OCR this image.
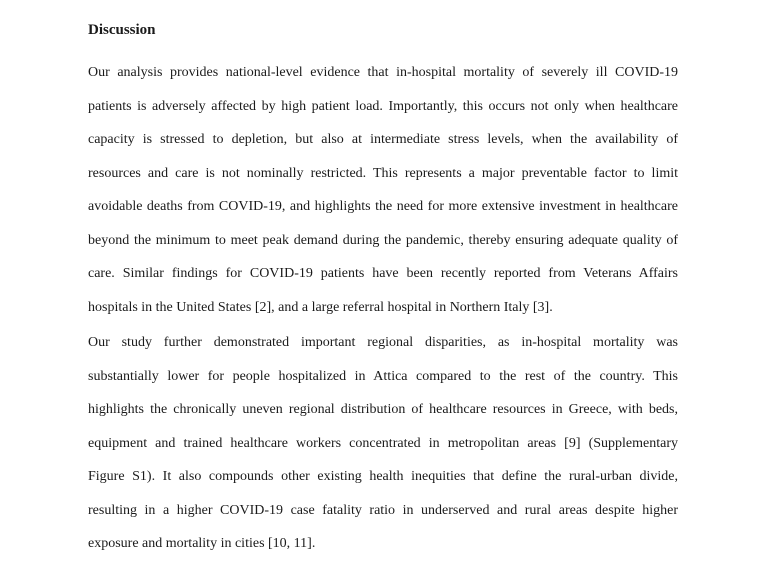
Discussion

Our analysis provides national-level evidence that in-hospital mortality of severely ill COVID-19
patients is adversely affected by high patient load. Importantly, this occurs not only when healthcare
capacity is stressed to depletion, but also at intermediate stress levels, when the availability of
resources and care is not nominally restricted. This represents a major preventable factor to limit
avoidable deaths from COVID-19, and highlights the need for more extensive investment in healthcare
beyond the minimum to meet peak demand during the pandemic, thereby ensuring adequate quality of
care. Similar findings for COVID-19 patients have been recently reported from Veterans Affairs
hospitals in the United States [2], and a large referral hospital in Northern Italy [3].

Our study further demonstrated important regional disparities, as in-hospital mortality was
substantially lower for people hospitalized in Attica compared to the rest of the country. This
highlights the chronically uneven regional distribution of healthcare resources in Greece, with beds,
equipment and trained healthcare workers concentrated in metropolitan areas [9] (Supplementary
Figure S1). It also compounds other existing health inequities that define the rural-urban divide,
resulting in a higher COVID-19 case fatality ratio in underserved and rural areas despite higher
exposure and mortality in cities [10, 11].
